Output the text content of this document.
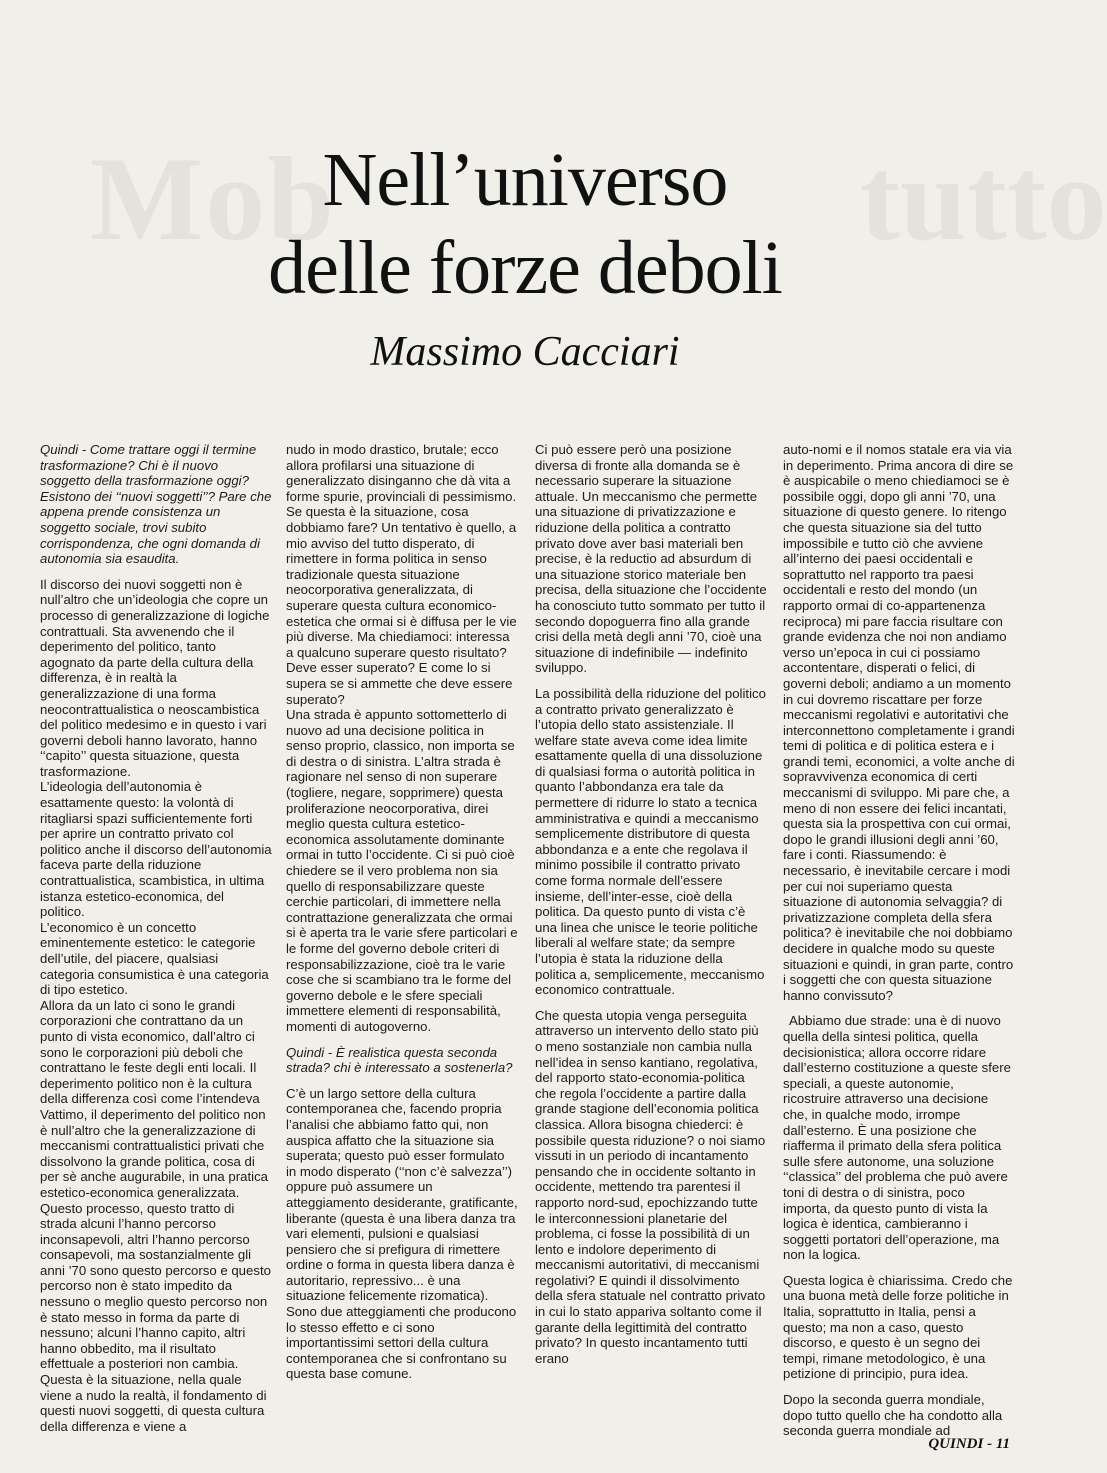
Mob	tutto
Nell’universo
delle forze deboli
Massimo Cacciari

Quindi - Come trattare oggi il termine trasformazione? Chi è il nuovo soggetto della trasformazione oggi? Esistono dei ‘‘nuovi soggetti’’? Pare che appena prende consistenza un soggetto sociale, trovi subito corrispondenza, che ogni domanda di autonomia sia esaudita.

Il discorso dei nuovi soggetti non è null’altro che un’ideologia che copre un processo di generalizzazione di logiche contrattuali. Sta avvenendo che il deperimento del politico, tanto agognato da parte della cultura della differenza, è in realtà la generalizzazione di una forma neocontrattualistica o neoscambistica del politico medesimo e in questo i vari governi deboli hanno lavorato, hanno ‘‘capito’’ questa situazione, questa trasformazione.

L’ideologia dell’autonomia è esattamente questo: la volontà di ritagliarsi spazi sufficientemente forti per aprire un contratto privato col politico anche il discorso dell’autonomia faceva parte della riduzione contrattualistica, scambistica, in ultima istanza estetico-economica, del politico.

L’economico è un concetto eminentemente estetico: le categorie dell’utile, del piacere, qualsiasi categoria consumistica è una categoria di tipo estetico.

Allora da un lato ci sono le grandi corporazioni che contrattano da un punto di vista economico, dall’altro ci sono le corporazioni più deboli che contrattano le feste degli enti locali. Il deperimento politico non è la cultura della differenza così come l’intendeva Vattimo, il deperimento del politico non è null’altro che la generalizzazione di meccanismi contrattualistici privati che dissolvono la grande politica, cosa di per sè anche augurabile, in una pratica estetico-economica generalizzata.

Questo processo, questo tratto di strada alcuni l’hanno percorso inconsapevoli, altri l’hanno percorso consapevoli, ma sostanzialmente gli anni ’70 sono questo percorso e questo percorso non è stato impedito da nessuno o meglio questo percorso non è stato messo in forma da parte di nessuno; alcuni l’hanno capito, altri hanno obbedito, ma il risultato effettuale a posteriori non cambia.

Questa è la situazione, nella quale viene a nudo la realtà, il fondamento di questi nuovi soggetti, di questa cultura della differenza e viene a

nudo in modo drastico, brutale; ecco allora profilarsi una situazione di generalizzato disinganno che dà vita a forme spurie, provinciali di pessimismo.

Se questa è la situazione, cosa dobbiamo fare? Un tentativo è quello, a mio avviso del tutto disperato, di rimettere in forma politica in senso tradizionale questa situazione neocorporativa generalizzata, di superare questa cultura economico-estetica che ormai si è diffusa per le vie più diverse. Ma chiediamoci: interessa a qualcuno superare questo risultato? Deve esser superato? E come lo si supera se si ammette che deve essere superato?

Una strada è appunto sottometterlo di nuovo ad una decisione politica in senso proprio, classico, non importa se di destra o di sinistra. L’altra strada è ragionare nel senso di non superare (togliere, negare, sopprimere) questa proliferazione neocorporativa, direi meglio questa cultura estetico-economica assolutamente dominante ormai in tutto l’occidente. Ci si può cioè chiedere se il vero problema non sia quello di responsabilizzare queste cerchie particolari, di immettere nella contrattazione generalizzata che ormai si è aperta tra le varie sfere particolari e le forme del governo debole criteri di responsabilizzazione, cioè tra le varie cose che si scambiano tra le forme del governo debole e le sfere speciali immettere elementi di responsabilità, momenti di autogoverno.

Quindi - È realistica questa seconda strada? chi è interessato a sostenerla?

C’è un largo settore della cultura contemporanea che, facendo propria l’analisi che abbiamo fatto qui, non auspica affatto che la situazione sia superata; questo può esser formulato in modo disperato (‘‘non c’è salvezza’’) oppure può assumere un atteggiamento desiderante, gratificante, liberante (questa è una libera danza tra vari elementi, pulsioni e qualsiasi pensiero che si prefigura di rimettere ordine o forma in questa libera danza è autoritario, repressivo... è una situazione felicemente rizomatica). Sono due atteggiamenti che producono lo stesso effetto e ci sono importantissimi settori della cultura contemporanea che si confrontano su questa base comune.

Ci può essere però una posizione diversa di fronte alla domanda se è necessario superare la situazione attuale. Un meccanismo che permette una situazione di privatizzazione e riduzione della politica a contratto privato dove aver basi materiali ben precise, è la reductio ad absurdum di una situazione storico materiale ben precisa, della situazione che l’occidente ha conosciuto tutto sommato per tutto il secondo dopoguerra fino alla grande crisi della metà degli anni ’70, cioè una situazione di indefinibile — indefinito sviluppo.

La possibilità della riduzione del politico a contratto privato generalizzato è l’utopia dello stato assistenziale. Il welfare state aveva come idea limite esattamente quella di una dissoluzione di qualsiasi forma o autorità politica in quanto l’abbondanza era tale da permettere di ridurre lo stato a tecnica amministrativa e quindi a meccanismo semplicemente distributore di questa abbondanza e a ente che regolava il minimo possibile il contratto privato come forma normale dell’essere insieme, dell’inter-esse, cioè della politica. Da questo punto di vista c’è una linea che unisce le teorie politiche liberali al welfare state; da sempre l’utopia è stata la riduzione della politica a, semplicemente, meccanismo economico contrattuale.

Che questa utopia venga perseguita attraverso un intervento dello stato più o meno sostanziale non cambia nulla nell’idea in senso kantiano, regolativa, del rapporto stato-economia-politica che regola l’occidente a partire dalla grande stagione dell’economia politica classica. Allora bisogna chiederci: è possibile questa riduzione? o noi siamo vissuti in un periodo di incantamento pensando che in occidente soltanto in occidente, mettendo tra parentesi il rapporto nord-sud, epochizzando tutte le interconnessioni planetarie del problema, ci fosse la possibilità di un lento e indolore deperimento di meccanismi autoritativi, di meccanismi regolativi? E quindi il dissolvimento della sfera statuale nel contratto privato in cui lo stato appariva soltanto come il garante della legittimità del contratto privato? In questo incantamento tutti erano

auto-nomi e il nomos statale era via via in deperimento. Prima ancora di dire se è auspicabile o meno chiediamoci se è possibile oggi, dopo gli anni ’70, una situazione di questo genere. Io ritengo che questa situazione sia del tutto impossibile e tutto ciò che avviene all’interno dei paesi occidentali e soprattutto nel rapporto tra paesi occidentali e resto del mondo (un rapporto ormai di co-appartenenza reciproca) mi pare faccia risultare con grande evidenza che noi non andiamo verso un’epoca in cui ci possiamo accontentare, disperati o felici, di governi deboli; andiamo a un momento in cui dovremo riscattare per forze meccanismi regolativi e autoritativi che interconnettono completamente i grandi temi di politica e di politica estera e i grandi temi, economici, a volte anche di sopravvivenza economica di certi meccanismi di sviluppo. Mi pare che, a meno di non essere dei felici incantati, questa sia la prospettiva con cui ormai, dopo le grandi illusioni degli anni ’60, fare i conti. Riassumendo: è necessario, è inevitabile cercare i modi per cui noi superiamo questa situazione di autonomia selvaggia? di privatizzazione completa della sfera politica? è inevitabile che noi dobbiamo decidere in qualche modo su queste situazioni e quindi, in gran parte, contro i soggetti che con questa situazione hanno convissuto?

Abbiamo due strade: una è di nuovo quella della sintesi politica, quella decisionistica; allora occorre ridare dall’esterno costituzione a queste sfere speciali, a queste autonomie, ricostruire attraverso una decisione che, in qualche modo, irrompe dall’esterno. È una posizione che riafferma il primato della sfera politica sulle sfere autonome, una soluzione ‘‘classica’’ del problema che può avere toni di destra o di sinistra, poco importa, da questo punto di vista la logica è identica, cambieranno i soggetti portatori dell’operazione, ma non la logica.

Questa logica è chiarissima. Credo che una buona metà delle forze politiche in Italia, soprattutto in Italia, pensi a questo; ma non a caso, questo discorso, e questo è un segno dei tempi, rimane metodologico, è una petizione di principio, pura idea.

Dopo la seconda guerra mondiale, dopo tutto quello che ha condotto alla seconda guerra mondiale ad

QUINDI - 11
